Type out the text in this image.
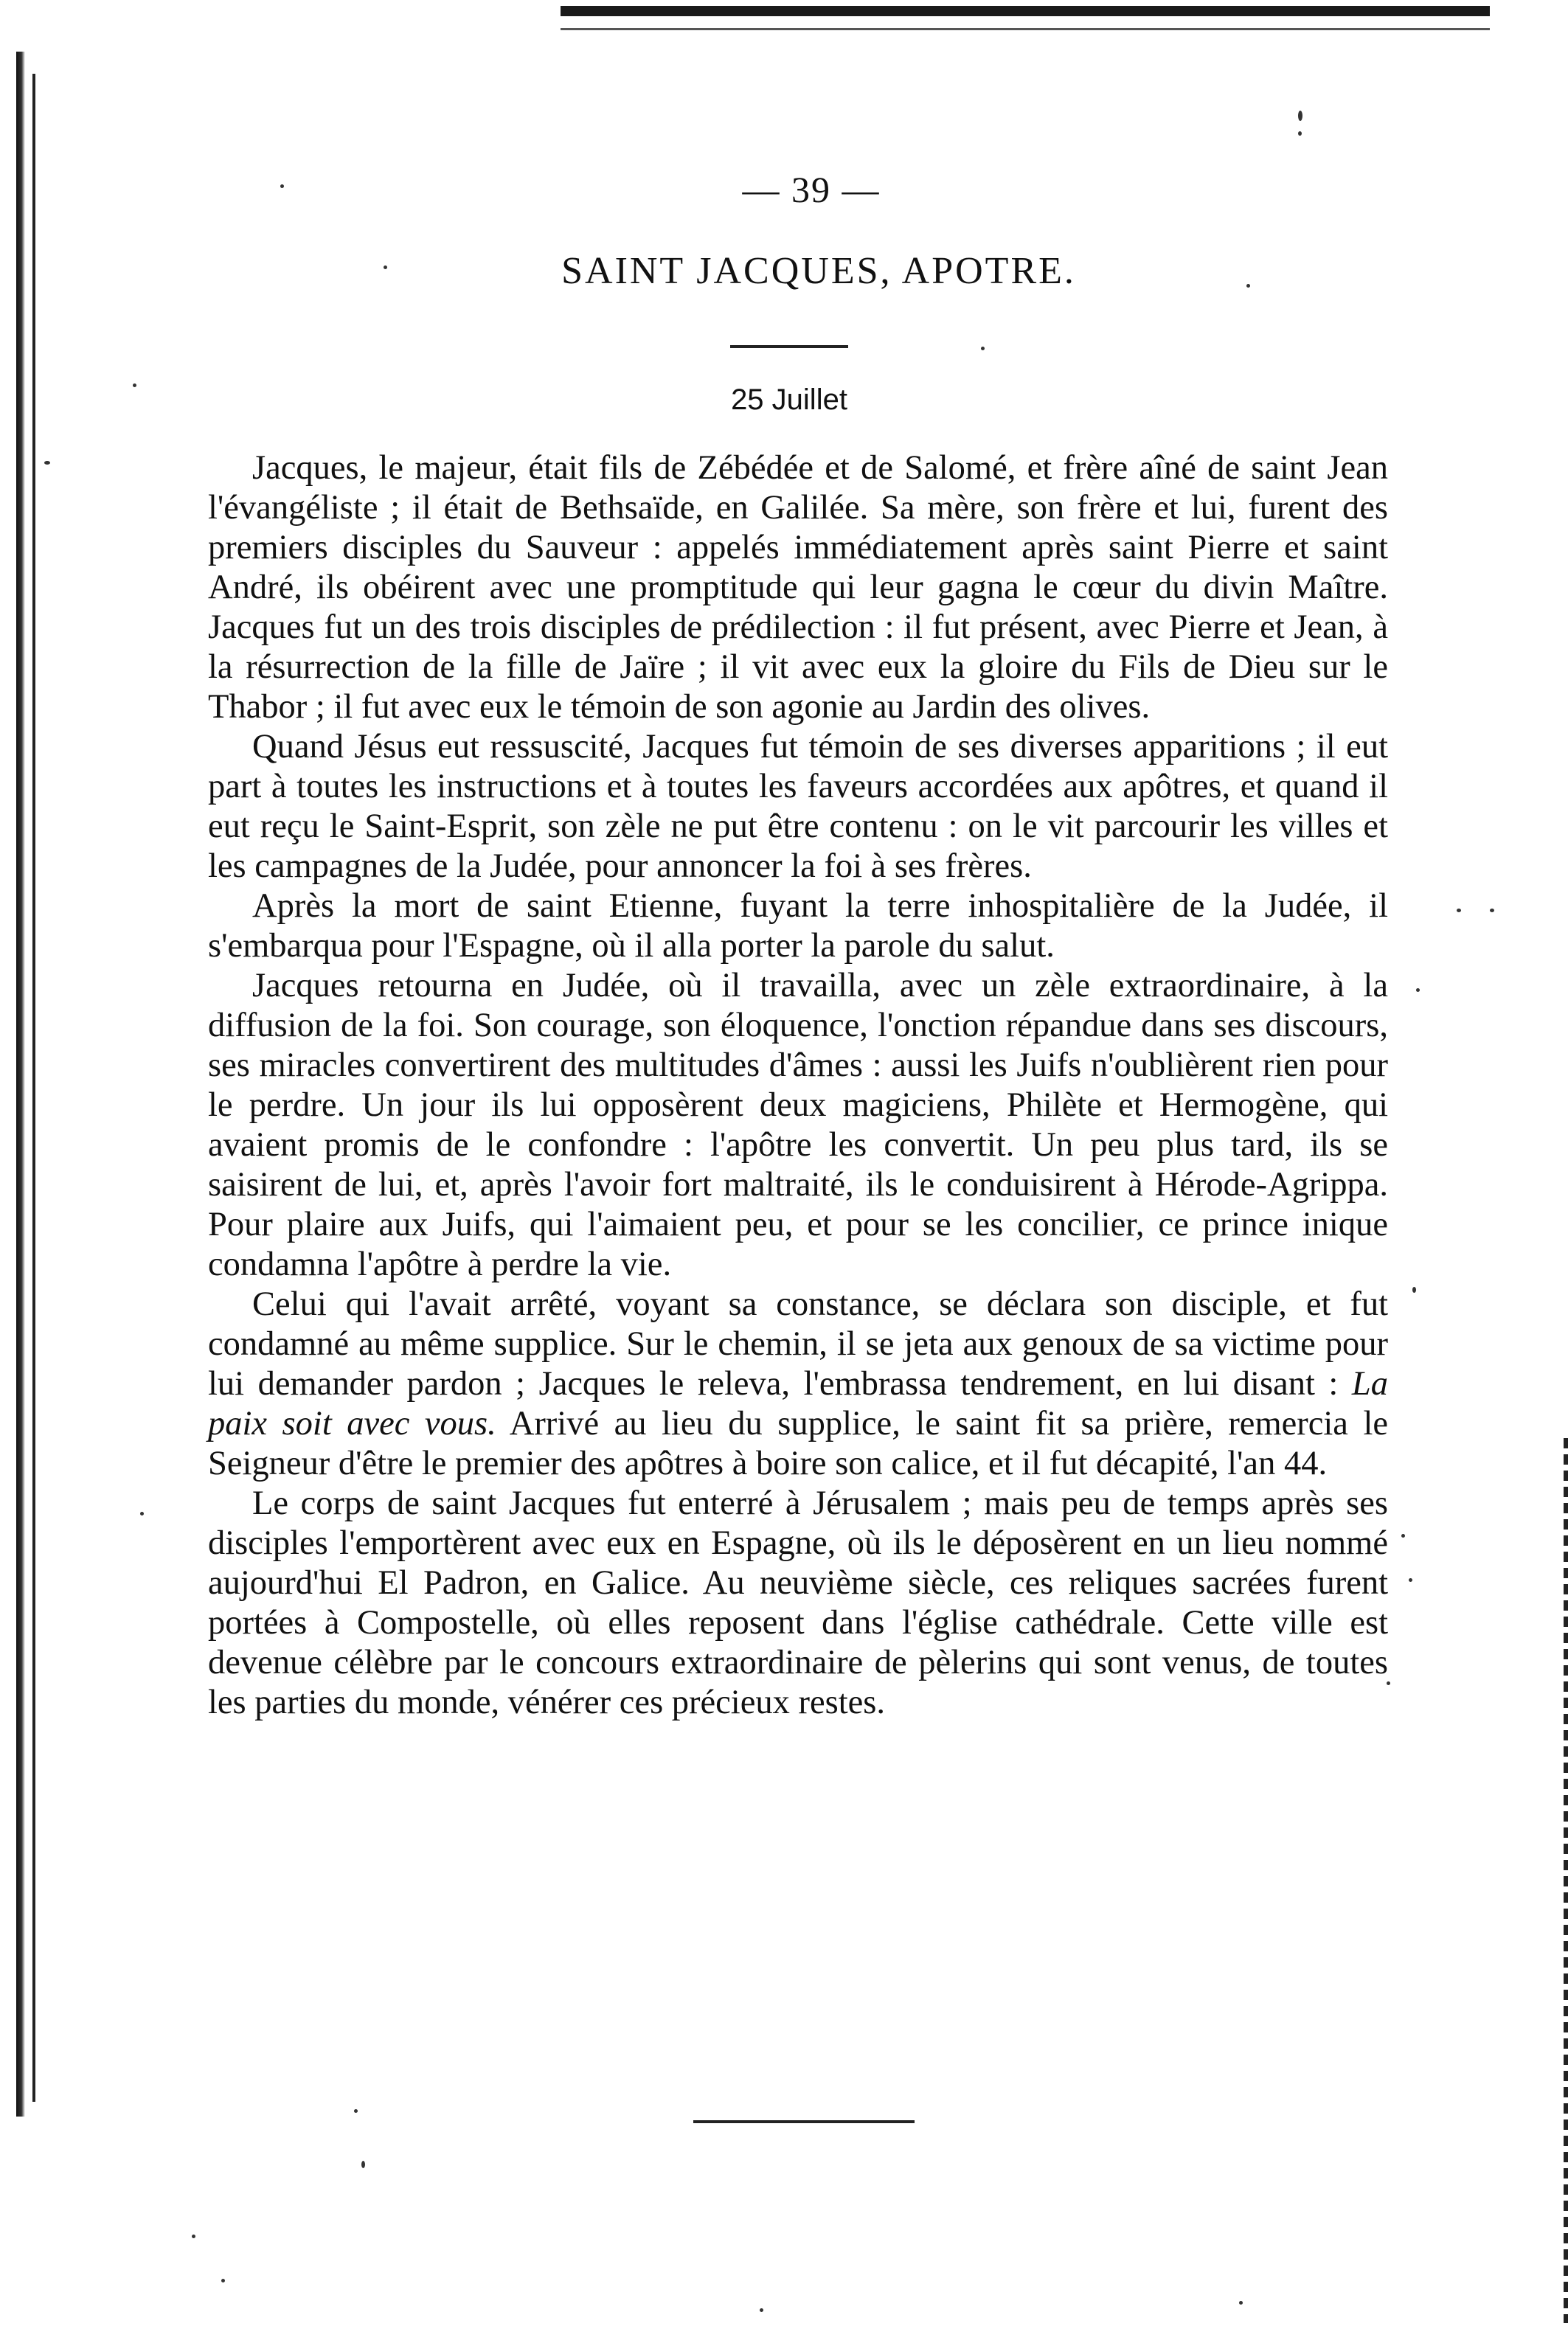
— 39 —
SAINT JACQUES, APOTRE.
25 Juillet

Jacques, le majeur, était fils de Zébédée et de Salomé, et frère aîné de saint Jean l'évangéliste ; il était de Bethsaïde, en Galilée. Sa mère, son frère et lui, furent des premiers disciples du Sauveur : appelés immédiatement après saint Pierre et saint André, ils obéirent avec une promptitude qui leur gagna le cœur du divin Maître. Jacques fut un des trois disciples de prédilection : il fut présent, avec Pierre et Jean, à la résurrection de la fille de Jaïre ; il vit avec eux la gloire du Fils de Dieu sur le Thabor ; il fut avec eux le témoin de son agonie au Jardin des olives.

Quand Jésus eut ressuscité, Jacques fut témoin de ses diverses apparitions ; il eut part à toutes les instructions et à toutes les faveurs accordées aux apôtres, et quand il eut reçu le Saint-Esprit, son zèle ne put être contenu : on le vit parcourir les villes et les campagnes de la Judée, pour annoncer la foi à ses frères.

Après la mort de saint Etienne, fuyant la terre inhospitalière de la Judée, il s'embarqua pour l'Espagne, où il alla porter la parole du salut.

Jacques retourna en Judée, où il travailla, avec un zèle extraordinaire, à la diffusion de la foi. Son courage, son éloquence, l'onction répandue dans ses discours, ses miracles convertirent des multitudes d'âmes : aussi les Juifs n'oublièrent rien pour le perdre. Un jour ils lui opposèrent deux magiciens, Philète et Hermogène, qui avaient promis de le confondre : l'apôtre les convertit. Un peu plus tard, ils se saisirent de lui, et, après l'avoir fort maltraité, ils le conduisirent à Hérode-Agrippa. Pour plaire aux Juifs, qui l'aimaient peu, et pour se les concilier, ce prince inique condamna l'apôtre à perdre la vie.

Celui qui l'avait arrêté, voyant sa constance, se déclara son disciple, et fut condamné au même supplice. Sur le chemin, il se jeta aux genoux de sa victime pour lui demander pardon ; Jacques le releva, l'embrassa tendrement, en lui disant : La paix soit avec vous. Arrivé au lieu du supplice, le saint fit sa prière, remercia le Seigneur d'être le premier des apôtres à boire son calice, et il fut décapité, l'an 44.

Le corps de saint Jacques fut enterré à Jérusalem ; mais peu de temps après ses disciples l'emportèrent avec eux en Espagne, où ils le déposèrent en un lieu nommé aujourd'hui El Padron, en Galice. Au neuvième siècle, ces reliques sacrées furent portées à Compostelle, où elles reposent dans l'église cathédrale. Cette ville est devenue célèbre par le concours extraordinaire de pèlerins qui sont venus, de toutes les parties du monde, vénérer ces précieux restes.
